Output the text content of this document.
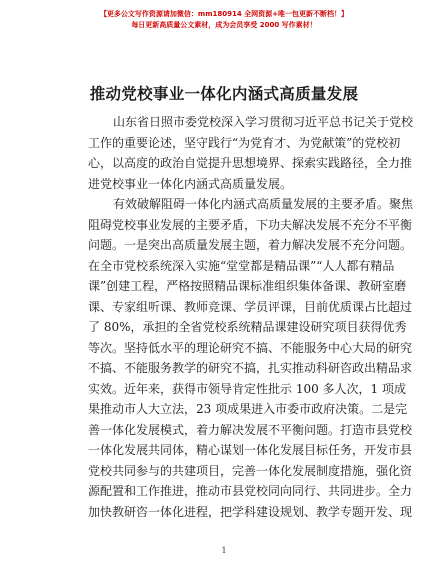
【更多公文写作资源请加微信：mm180914 全网资源+唯一包更新不断档！】
每日更新高质量公文素材，成为会员享受 2000 写作素材！
推动党校事业一体化内涵式高质量发展

山东省日照市委党校深入学习贯彻习近平总书记关于党校
工作的重要论述，坚守践行“为党育才、为党献策”的党校初
心，以高度的政治自觉提升思想境界、探索实践路径，全力推
进党校事业一体化内涵式高质量发展。

有效破解阻碍一体化内涵式高质量发展的主要矛盾。聚焦
阻碍党校事业发展的主要矛盾，下功夫解决发展不充分不平衡
问题。一是突出高质量发展主题，着力解决发展不充分问题。
在全市党校系统深入实施“堂堂都是精品课”“人人都有精品
课”创建工程，严格按照精品课标准组织集体备课、教研室磨
课、专家组听课、教师竞课、学员评课，目前优质课占比超过
了 80%，承担的全省党校系统精品课建设研究项目获得优秀
等次。坚持低水平的理论研究不搞、不能服务中心大局的研究
不搞、不能服务教学的研究不搞，扎实推动科研咨政出精品求
实效。近年来，获得市领导肯定性批示 100 多人次，1 项成
果推动市人大立法，23 项成果进入市委市政府决策。二是完
善一体化发展模式，着力解决发展不平衡问题。打造市县党校
一体化发展共同体，精心谋划一体化发展目标任务，开发市县
党校共同参与的共建项目，完善一体化发展制度措施，强化资
源配置和工作推进，推动市县党校同向同行、共同进步。全力
加快教研咨一体化进程，把学科建设规划、教学专题开发、现

1
